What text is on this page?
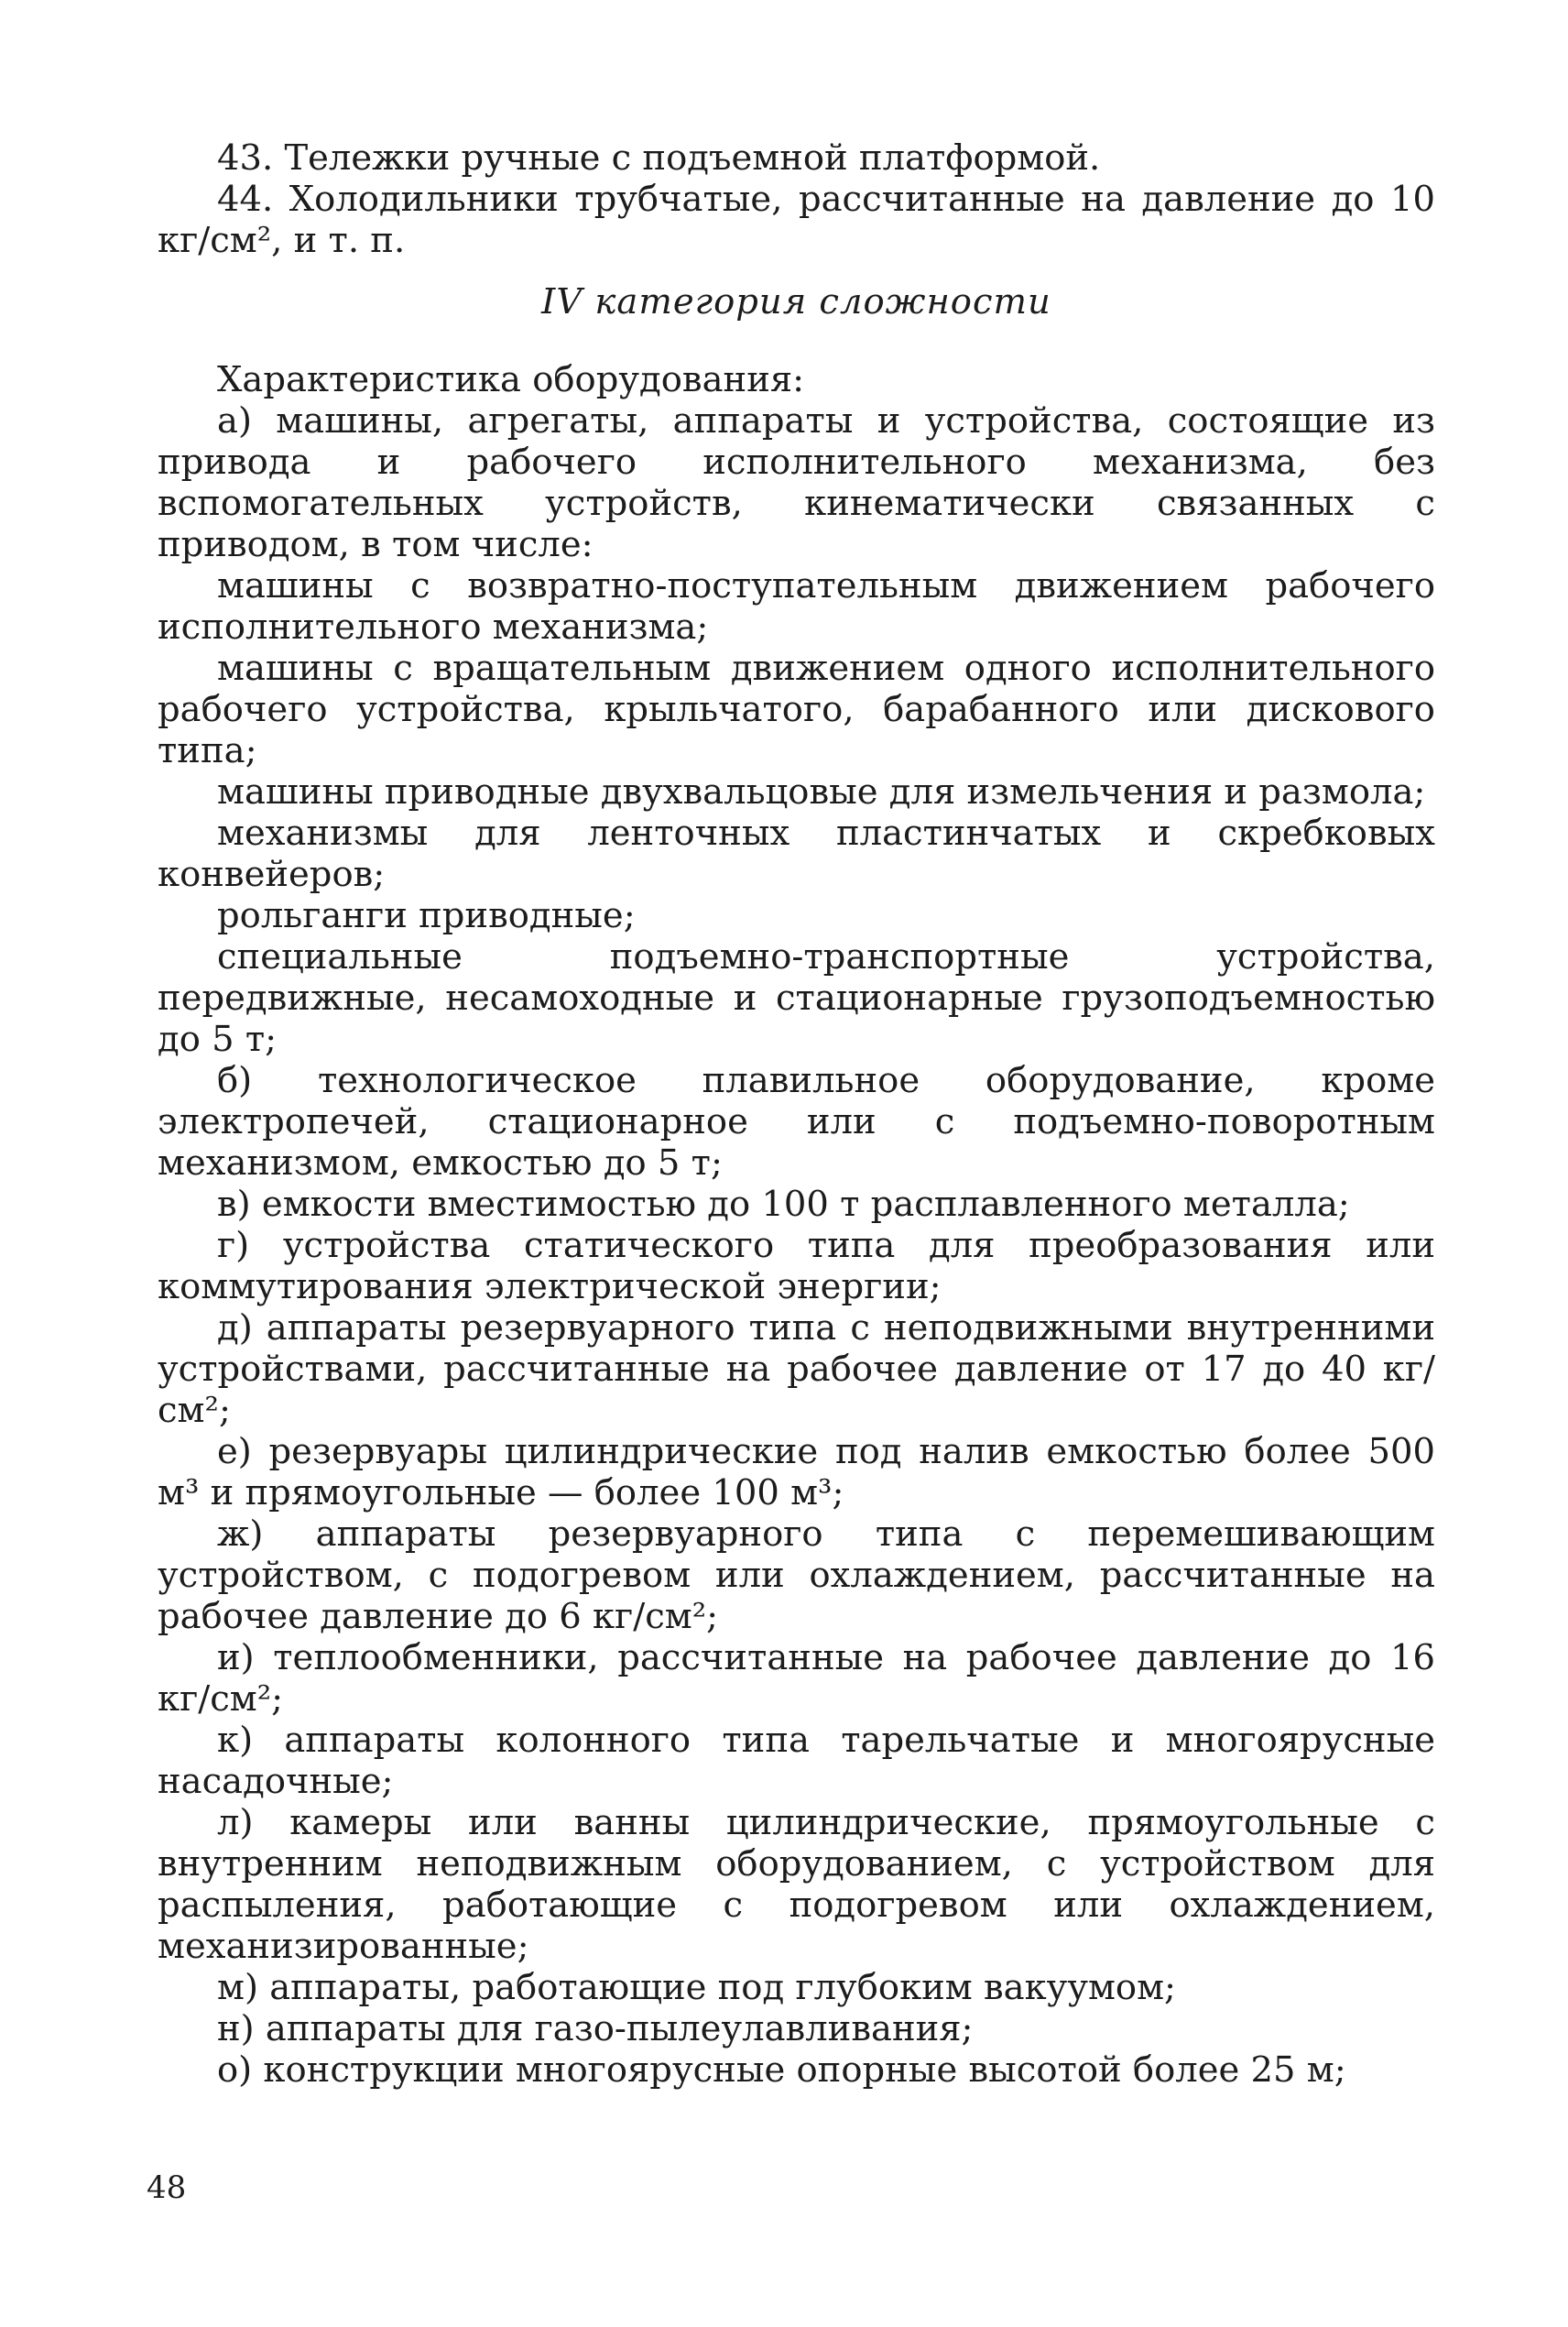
43. Тележки ручные с подъемной платформой.

44. Холодильники трубчатые, рассчитанные на давление до 10 кг/см², и т. п.

IV категория сложности

Характеристика оборудования:

а) машины, агрегаты, аппараты и устройства, состоящие из привода и рабочего исполнительного механизма, без вспомогательных устройств, кинематически связанных с приводом, в том числе:

машины с возвратно-поступательным движением рабочего исполнительного механизма;

машины с вращательным движением одного исполнительного рабочего устройства, крыльчатого, барабанного или дискового типа;

машины приводные двухвальцовые для измельчения и размола;

механизмы для ленточных пластинчатых и скребковых конвейеров;

рольганги приводные;

специальные подъемно-транспортные устройства, передвижные, несамоходные и стационарные грузоподъемностью до 5 т;

б) технологическое плавильное оборудование, кроме электропечей, стационарное или с подъемно-поворотным механизмом, емкостью до 5 т;

в) емкости вместимостью до 100 т расплавленного металла;

г) устройства статического типа для преобразования или коммутирования электрической энергии;

д) аппараты резервуарного типа с неподвижными внутренними устройствами, рассчитанные на рабочее давление от 17 до 40 кг/см²;

е) резервуары цилиндрические под налив емкостью более 500 м³ и прямоугольные — более 100 м³;

ж) аппараты резервуарного типа с перемешивающим устройством, с подогревом или охлаждением, рассчитанные на рабочее давление до 6 кг/см²;

и) теплообменники, рассчитанные на рабочее давление до 16 кг/см²;

к) аппараты колонного типа тарельчатые и многоярусные насадочные;

л) камеры или ванны цилиндрические, прямоугольные с внутренним неподвижным оборудованием, с устройством для распыления, работающие с подогревом или охлаждением, механизированные;

м) аппараты, работающие под глубоким вакуумом;

н) аппараты для газо-пылеулавливания;

о) конструкции многоярусные опорные высотой более 25 м;

48
